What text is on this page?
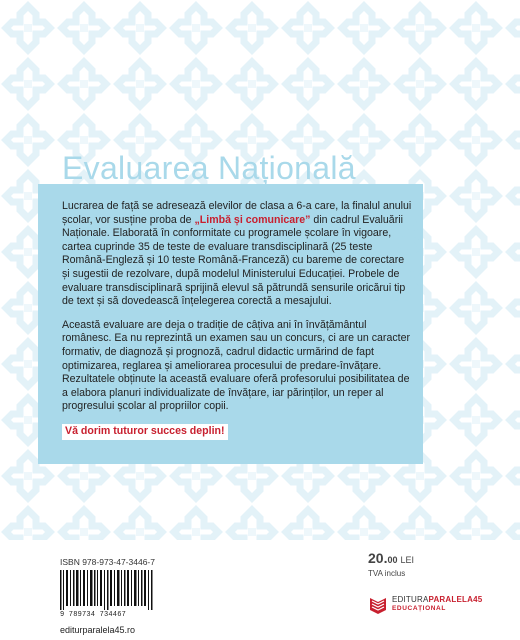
Evaluarea Națională
2022

Lucrarea de față se adresează elevilor de clasa a 6-a care, la finalul anului școlar, vor susține proba de „Limbă și comunicare” din cadrul Evaluării Naționale. Elaborată în conformitate cu programele școlare în vigoare, cartea cuprinde 35 de teste de evaluare transdisciplinară (25 teste Română-Engleză și 10 teste Română-Franceză) cu bareme de corectare și sugestii de rezolvare, după modelul Ministerului Educației. Probele de evaluare transdisciplinară sprijină elevul să pătrundă sensurile oricărui tip de text și să dovedească înțelegerea corectă a mesajului.

Această evaluare are deja o tradiție de câțiva ani în învățământul românesc. Ea nu reprezintă un examen sau un concurs, ci are un caracter formativ, de diagnoză și prognoză, cadrul didactic urmărind de fapt optimizarea, reglarea și ameliorarea procesului de predare-învățare. Rezultatele obținute la această evaluare oferă profesorului posibilitatea de a elabora planuri individualizate de învățare, iar părinților, un reper al progresului școlar al propriilor copii.

Vă dorim tuturor succes deplin!
ISBN 978-973-47-3446-7
9 789734 734467
editurparalela45.ro
20.00 LEI
TVA inclus
EDITURAPARALELA45
EDUCAȚIONAL
